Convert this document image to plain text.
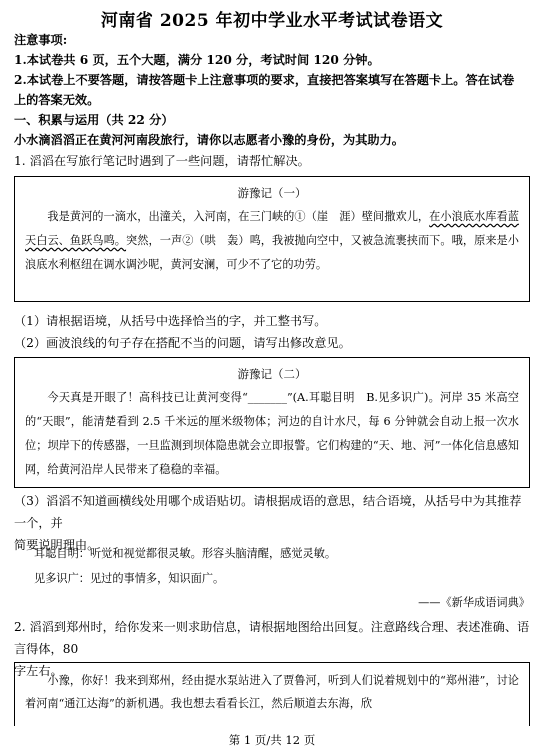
河南省 2025 年初中学业水平考试试卷语文
注意事项:
1.本试卷共 6 页，五个大题，满分 120 分，考试时间 120 分钟。
2.本试卷上不要答题，请按答题卡上注意事项的要求，直接把答案填写在答题卡上。答在试卷
上的答案无效。
一、积累与运用（共 22 分）
小水滴滔滔正在黄河河南段旅行，请你以志愿者小豫的身份，为其助力。
1. 滔滔在写旅行笔记时遇到了一些问题，请帮忙解决。
游豫记（一）
我是黄河的一滴水，出潼关，入河南，在三门峡的①（崖　涯）壁间撒欢儿，在小浪底水库看蓝天白云、鱼跃鸟鸣。突然，一声②（哄　轰）鸣，我被抛向空中，又被急流裹挟而下。哦，原来是小浪底水利枢纽在调水调沙呢，黄河安澜，可少不了它的功劳。
（1）请根据语境，从括号中选择恰当的字，并工整书写。
（2）画波浪线的句子存在搭配不当的问题，请写出修改意见。
游豫记（二）
今天真是开眼了！高科技已让黄河变得“_______”(A.耳聪目明　B.见多识广)。河岸 35 米高空的“天眼”，能清楚看到 2.5 千米远的厘米级物体；河边的自计水尺，每 6 分钟就会自动上报一次水位；坝岸下的传感器，一旦监测到坝体隐患就会立即报警。它们构建的“天、地、河”一体化信息感知网，给黄河沿岸人民带来了稳稳的幸福。
（3）滔滔不知道画横线处用哪个成语贴切。请根据成语的意思，结合语境，从括号中为其推荐一个，并
简要说明理由。
耳聪目明：听觉和视觉都很灵敏。形容头脑清醒，感觉灵敏。
见多识广：见过的事情多，知识面广。
——《新华成语词典》
2. 滔滔到郑州时，给你发来一则求助信息，请根据地图给出回复。注意路线合理、表述准确、语言得体，80
字左右。
小豫，你好！我来到郑州，经由提水泵站进入了贾鲁河，听到人们说着规划中的“郑州港”，讨论着河南“通江达海”的新机遇。我也想去看看长江，然后顺道去东海，欣
第 1 页/共 12 页
